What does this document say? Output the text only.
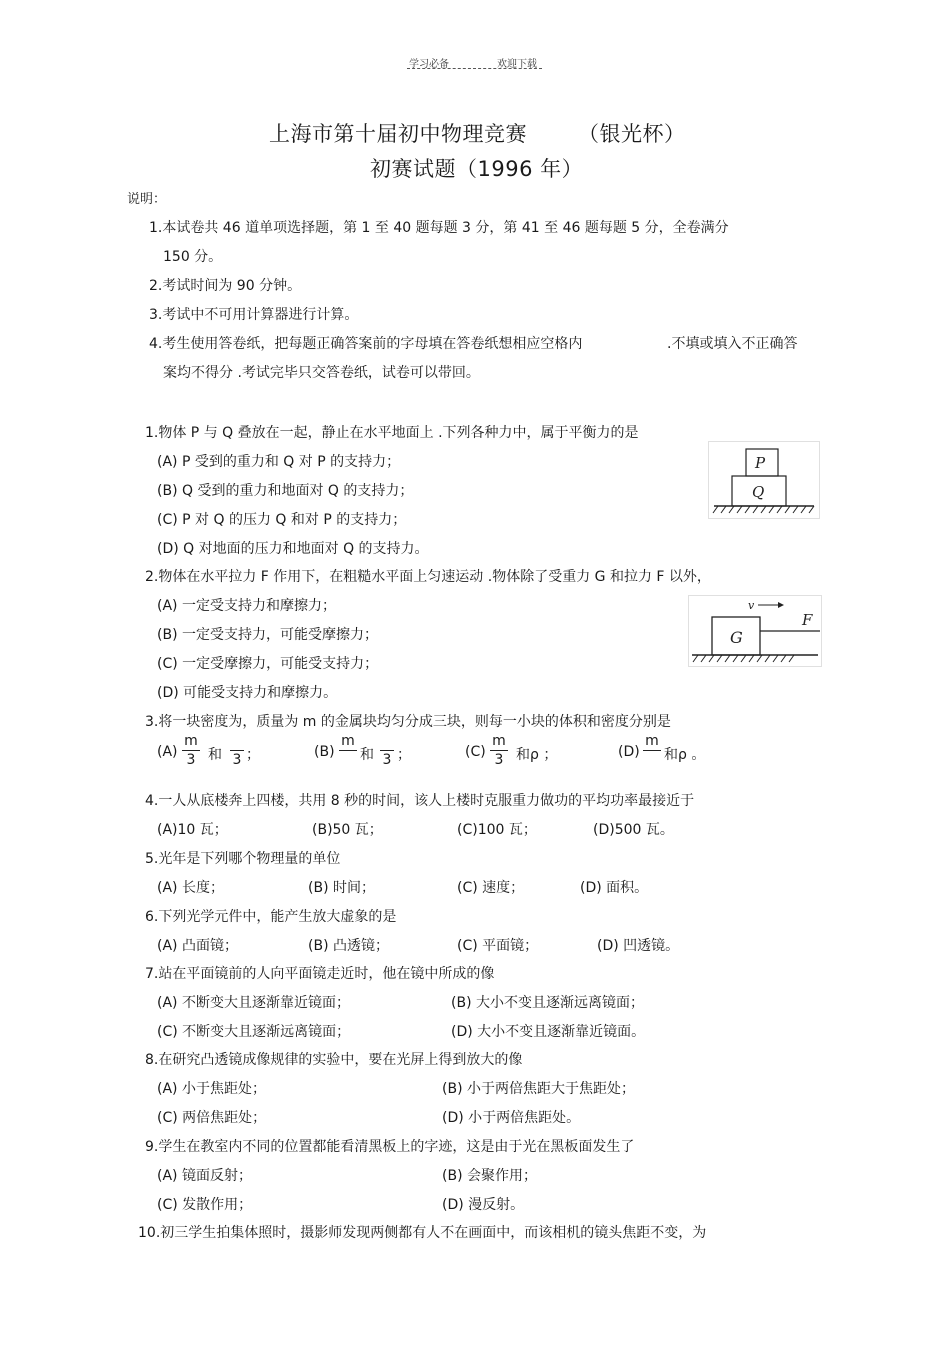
学习必备	欢迎下载
上海市第十届初中物理竞赛 （银光杯）
初赛试题（1996 年）
说明：
1.本试卷共 46 道单项选择题，第 1 至 40 题每题 3 分，第 41 至 46 题每题 5 分，全卷满分
150 分。
2.考试时间为 90 分钟。
3.考试中不可用计算器进行计算。
4.考生使用答卷纸，把每题正确答案前的字母填在答卷纸想相应空格内	.不填或填入不正确答
案均不得分 .考试完毕只交答卷纸，试卷可以带回。
1.物体 P 与 Q 叠放在一起，静止在水平地面上 .下列各种力中，属于平衡力的是
(A) P 受到的重力和 Q 对 P 的支持力；
(B) Q 受到的重力和地面对 Q 的支持力；
(C) P 对 Q 的压力 Q 和对 P 的支持力；
(D) Q 对地面的压力和地面对 Q 的支持力。
P
Q
2.物体在水平拉力 F 作用下，在粗糙水平面上匀速运动 .物体除了受重力 G 和拉力 F 以外，
(A) 一定受支持力和摩擦力；
(B) 一定受支持力，可能受摩擦力；
(C) 一定受摩擦力，可能受支持力；
(D) 可能受支持力和摩擦力。
v
G
F
3.将一块密度为，质量为 m 的金属块均匀分成三块，则每一小块的体积和密度分别是
(A)
m
3 和 3 ；	(B)
m
和 3 ；	(C)
m
3 和ρ ；	(D)
m
和ρ 。
4.一人从底楼奔上四楼，共用 8 秒的时间，该人上楼时克服重力做功的平均功率最接近于
(A)10 瓦；	(B)50 瓦；	(C)100 瓦；	(D)500 瓦。
5.光年是下列哪个物理量的单位
(A) 长度；	(B) 时间；	(C) 速度；	(D) 面积。
6.下列光学元件中，能产生放大虚象的是
(A) 凸面镜；	(B) 凸透镜；	(C) 平面镜；	(D) 凹透镜。
7.站在平面镜前的人向平面镜走近时，他在镜中所成的像
(A) 不断变大且逐渐靠近镜面；	(B) 大小不变且逐渐远离镜面；
(C) 不断变大且逐渐远离镜面；	(D) 大小不变且逐渐靠近镜面。
8.在研究凸透镜成像规律的实验中，要在光屏上得到放大的像
(A) 小于焦距处；	(B) 小于两倍焦距大于焦距处；
(C) 两倍焦距处；	(D) 小于两倍焦距处。
9.学生在教室内不同的位置都能看清黑板上的字迹，这是由于光在黑板面发生了
(A) 镜面反射；	(B) 会聚作用；
(C) 发散作用；	(D) 漫反射。
10.初三学生拍集体照时，摄影师发现两侧都有人不在画面中，而该相机的镜头焦距不变，为
